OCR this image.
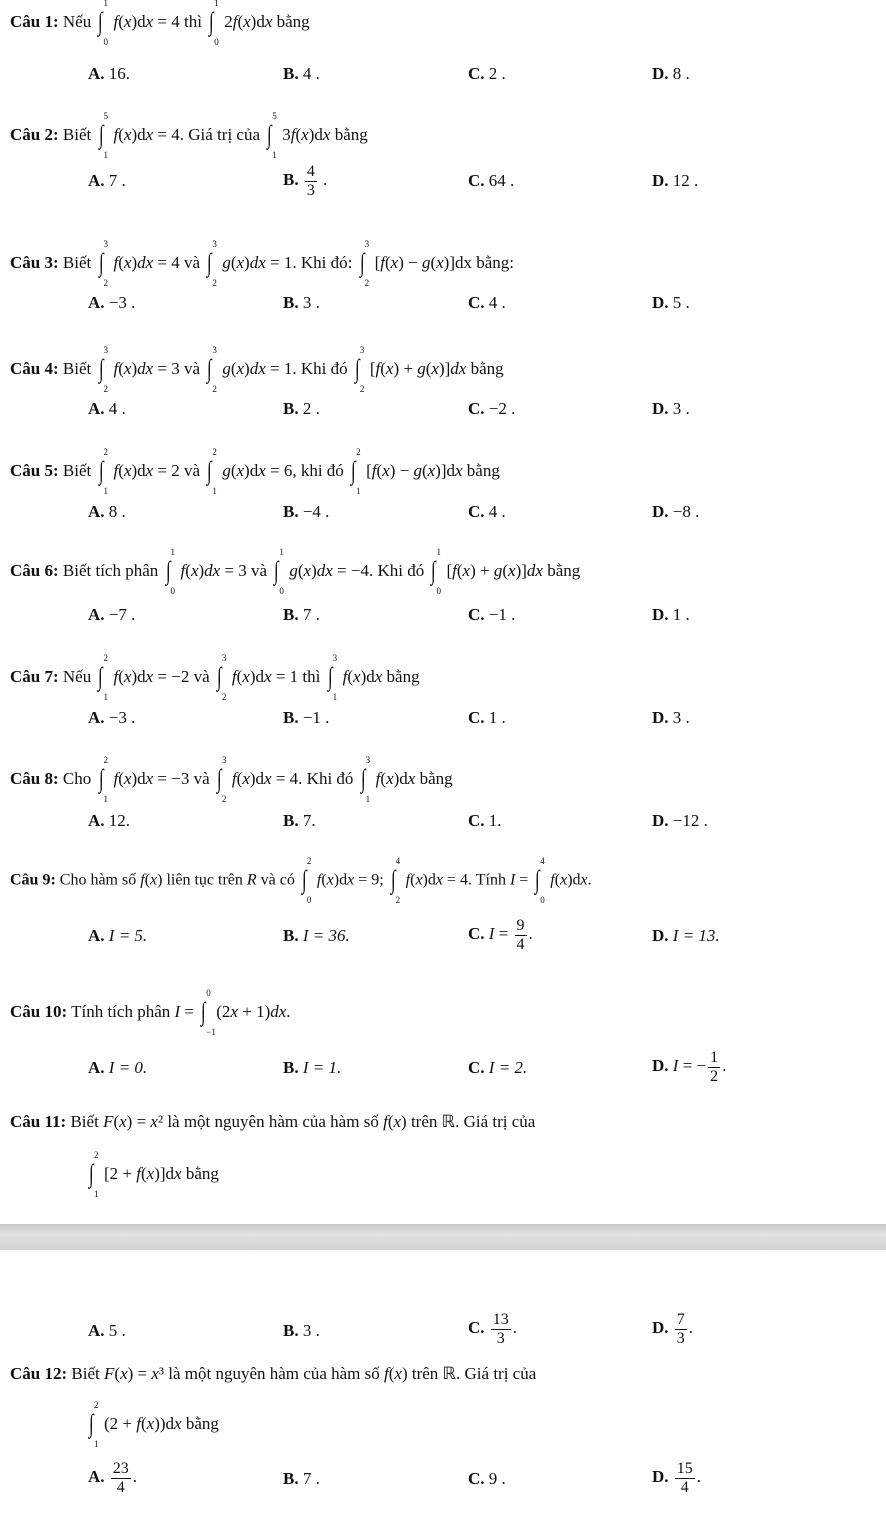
Câu 1: Nếu ∫
1
0
f(x)dx = 4 thì ∫
1
0
2f(x)dx bằng
A. 16.	B. 4 .	C. 2 .	D. 8 .
Câu 2: Biết ∫
5
1
f(x)dx = 4. Giá trị của ∫
5
1
3f(x)dx bằng
A. 7 .	B. $\frac{4}{3}$ .	C. 64 .	D. 12 .
Câu 3: Biết ∫
3
2
f(x)dx = 4 và ∫
3
2
g(x)dx = 1. Khi đó: ∫
3
2
[f(x) − g(x)]dx bằng:
A. −3 .	B. 3 .	C. 4 .	D. 5 .
Câu 4: Biết ∫
3
2
f(x)dx = 3 và ∫
3
2
g(x)dx = 1. Khi đó ∫
3
2
[f(x) + g(x)]dx bằng
A. 4 .	B. 2 .	C. −2 .	D. 3 .
Câu 5: Biết ∫
2
1
f(x)dx = 2 và ∫
2
1
g(x)dx = 6, khi đó ∫
2
1
[f(x) − g(x)]dx bằng
A. 8 .	B. −4 .	C. 4 .	D. −8 .
Câu 6: Biết tích phân ∫
1
0
f(x)dx = 3 và ∫
1
0
g(x)dx = −4. Khi đó ∫
1
0
[f(x) + g(x)]dx bằng
A. −7 .	B. 7 .	C. −1 .	D. 1 .
Câu 7: Nếu ∫
2
1
f(x)dx = −2 và ∫
3
2
f(x)dx = 1 thì ∫
3
1
f(x)dx bằng
A. −3 .	B. −1 .	C. 1 .	D. 3 .
Câu 8: Cho ∫
2
1
f(x)dx = −3 và ∫
3
2
f(x)dx = 4. Khi đó ∫
3
1
f(x)dx bằng
A. 12.	B. 7.	C. 1.	D. −12 .
Câu 9: Cho hàm số f(x) liên tục trên R và có ∫
2
0
f(x)dx = 9; ∫
4
2
f(x)dx = 4. Tính I = ∫
4
0
f(x)dx.
A. I = 5.	B. I = 36.	C. $I = \frac{9}{4}$ .	D. I = 13.
Câu 10: Tính tích phân I = ∫
0
−1
(2x + 1)dx.
A. I = 0.	B. I = 1.	C. I = 2.	D. I = − $\frac{1}{2}$ .
Câu 11: Biết F(x) = x² là một nguyên hàm của hàm số f(x) trên ℝ. Giá trị của
∫
2
1
[2 + f(x)]dx bằng
A. 5 .	B. 3 .	C. $\frac{13}{3}$ .	D. $\frac{7}{3}$ .
Câu 12: Biết F(x) = x³ là một nguyên hàm của hàm số f(x) trên ℝ. Giá trị của
∫
2
1
(2 + f(x))dx bằng
A. $\frac{23}{4}$ .	B. 7 .	C. 9 .	D. $\frac{15}{4}$ .
